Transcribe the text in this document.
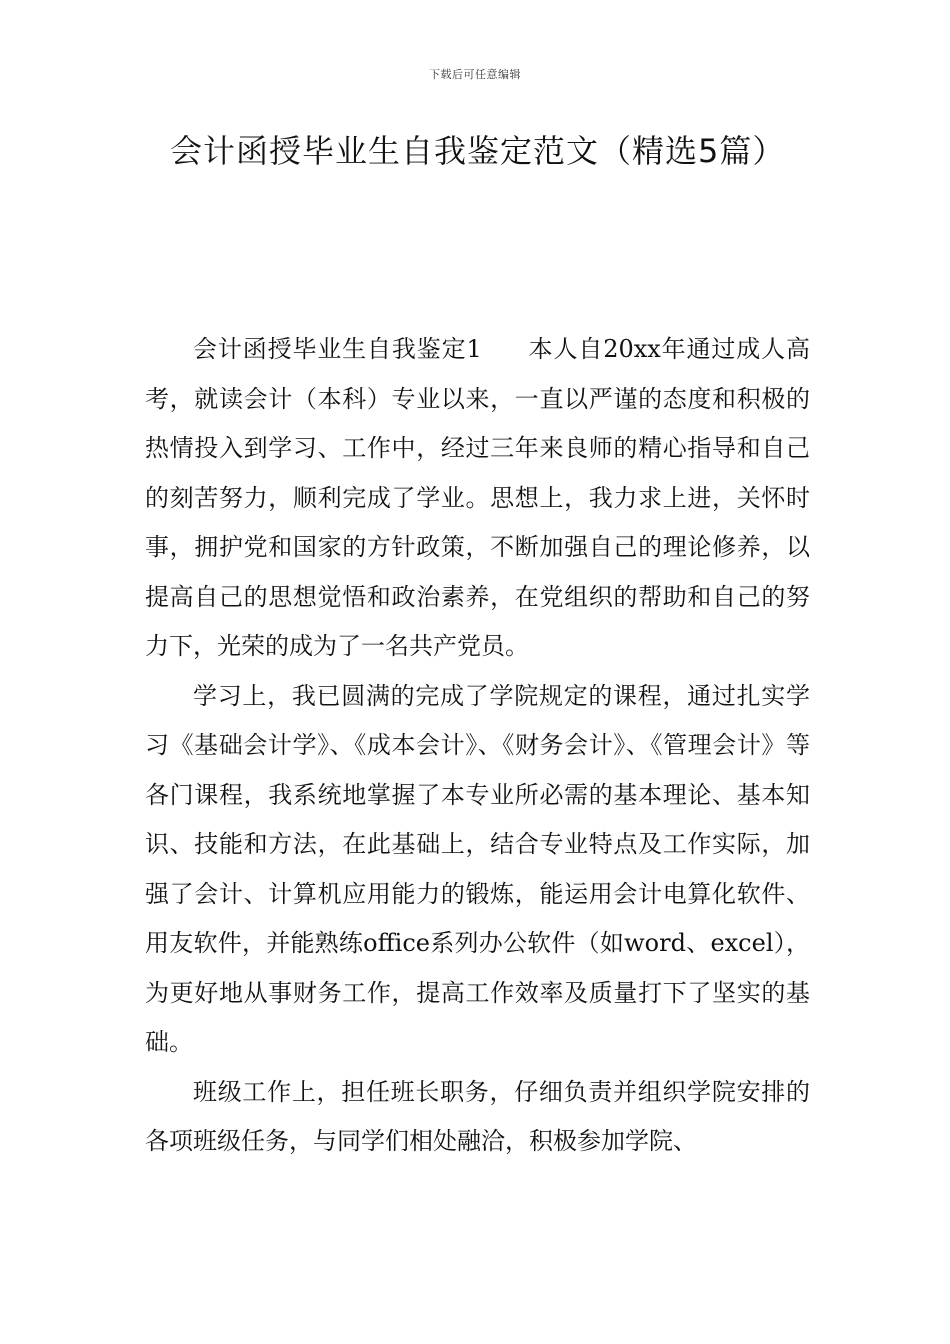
下载后可任意编辑
会计函授毕业生自我鉴定范文（精选5篇）

会计函授毕业生自我鉴定1 本人自20xx年通过成人高考，就读会计（本科）专业以来，一直以严谨的态度和积极的热情投入到学习、工作中，经过三年来良师的精心指导和自己的刻苦努力，顺利完成了学业。思想上，我力求上进，关怀时事，拥护党和国家的方针政策，不断加强自己的理论修养，以提高自己的思想觉悟和政治素养，在党组织的帮助和自己的努力下，光荣的成为了一名共产党员。

学习上，我已圆满的完成了学院规定的课程，通过扎实学习《基础会计学》、《成本会计》、《财务会计》、《管理会计》等各门课程，我系统地掌握了本专业所必需的基本理论、基本知识、技能和方法，在此基础上，结合专业特点及工作实际，加强了会计、计算机应用能力的锻炼，能运用会计电算化软件、用友软件，并能熟练office系列办公软件（如word、excel），为更好地从事财务工作，提高工作效率及质量打下了坚实的基础。

班级工作上，担任班长职务，仔细负责并组织学院安排的各项班级任务，与同学们相处融洽，积极参加学院、
